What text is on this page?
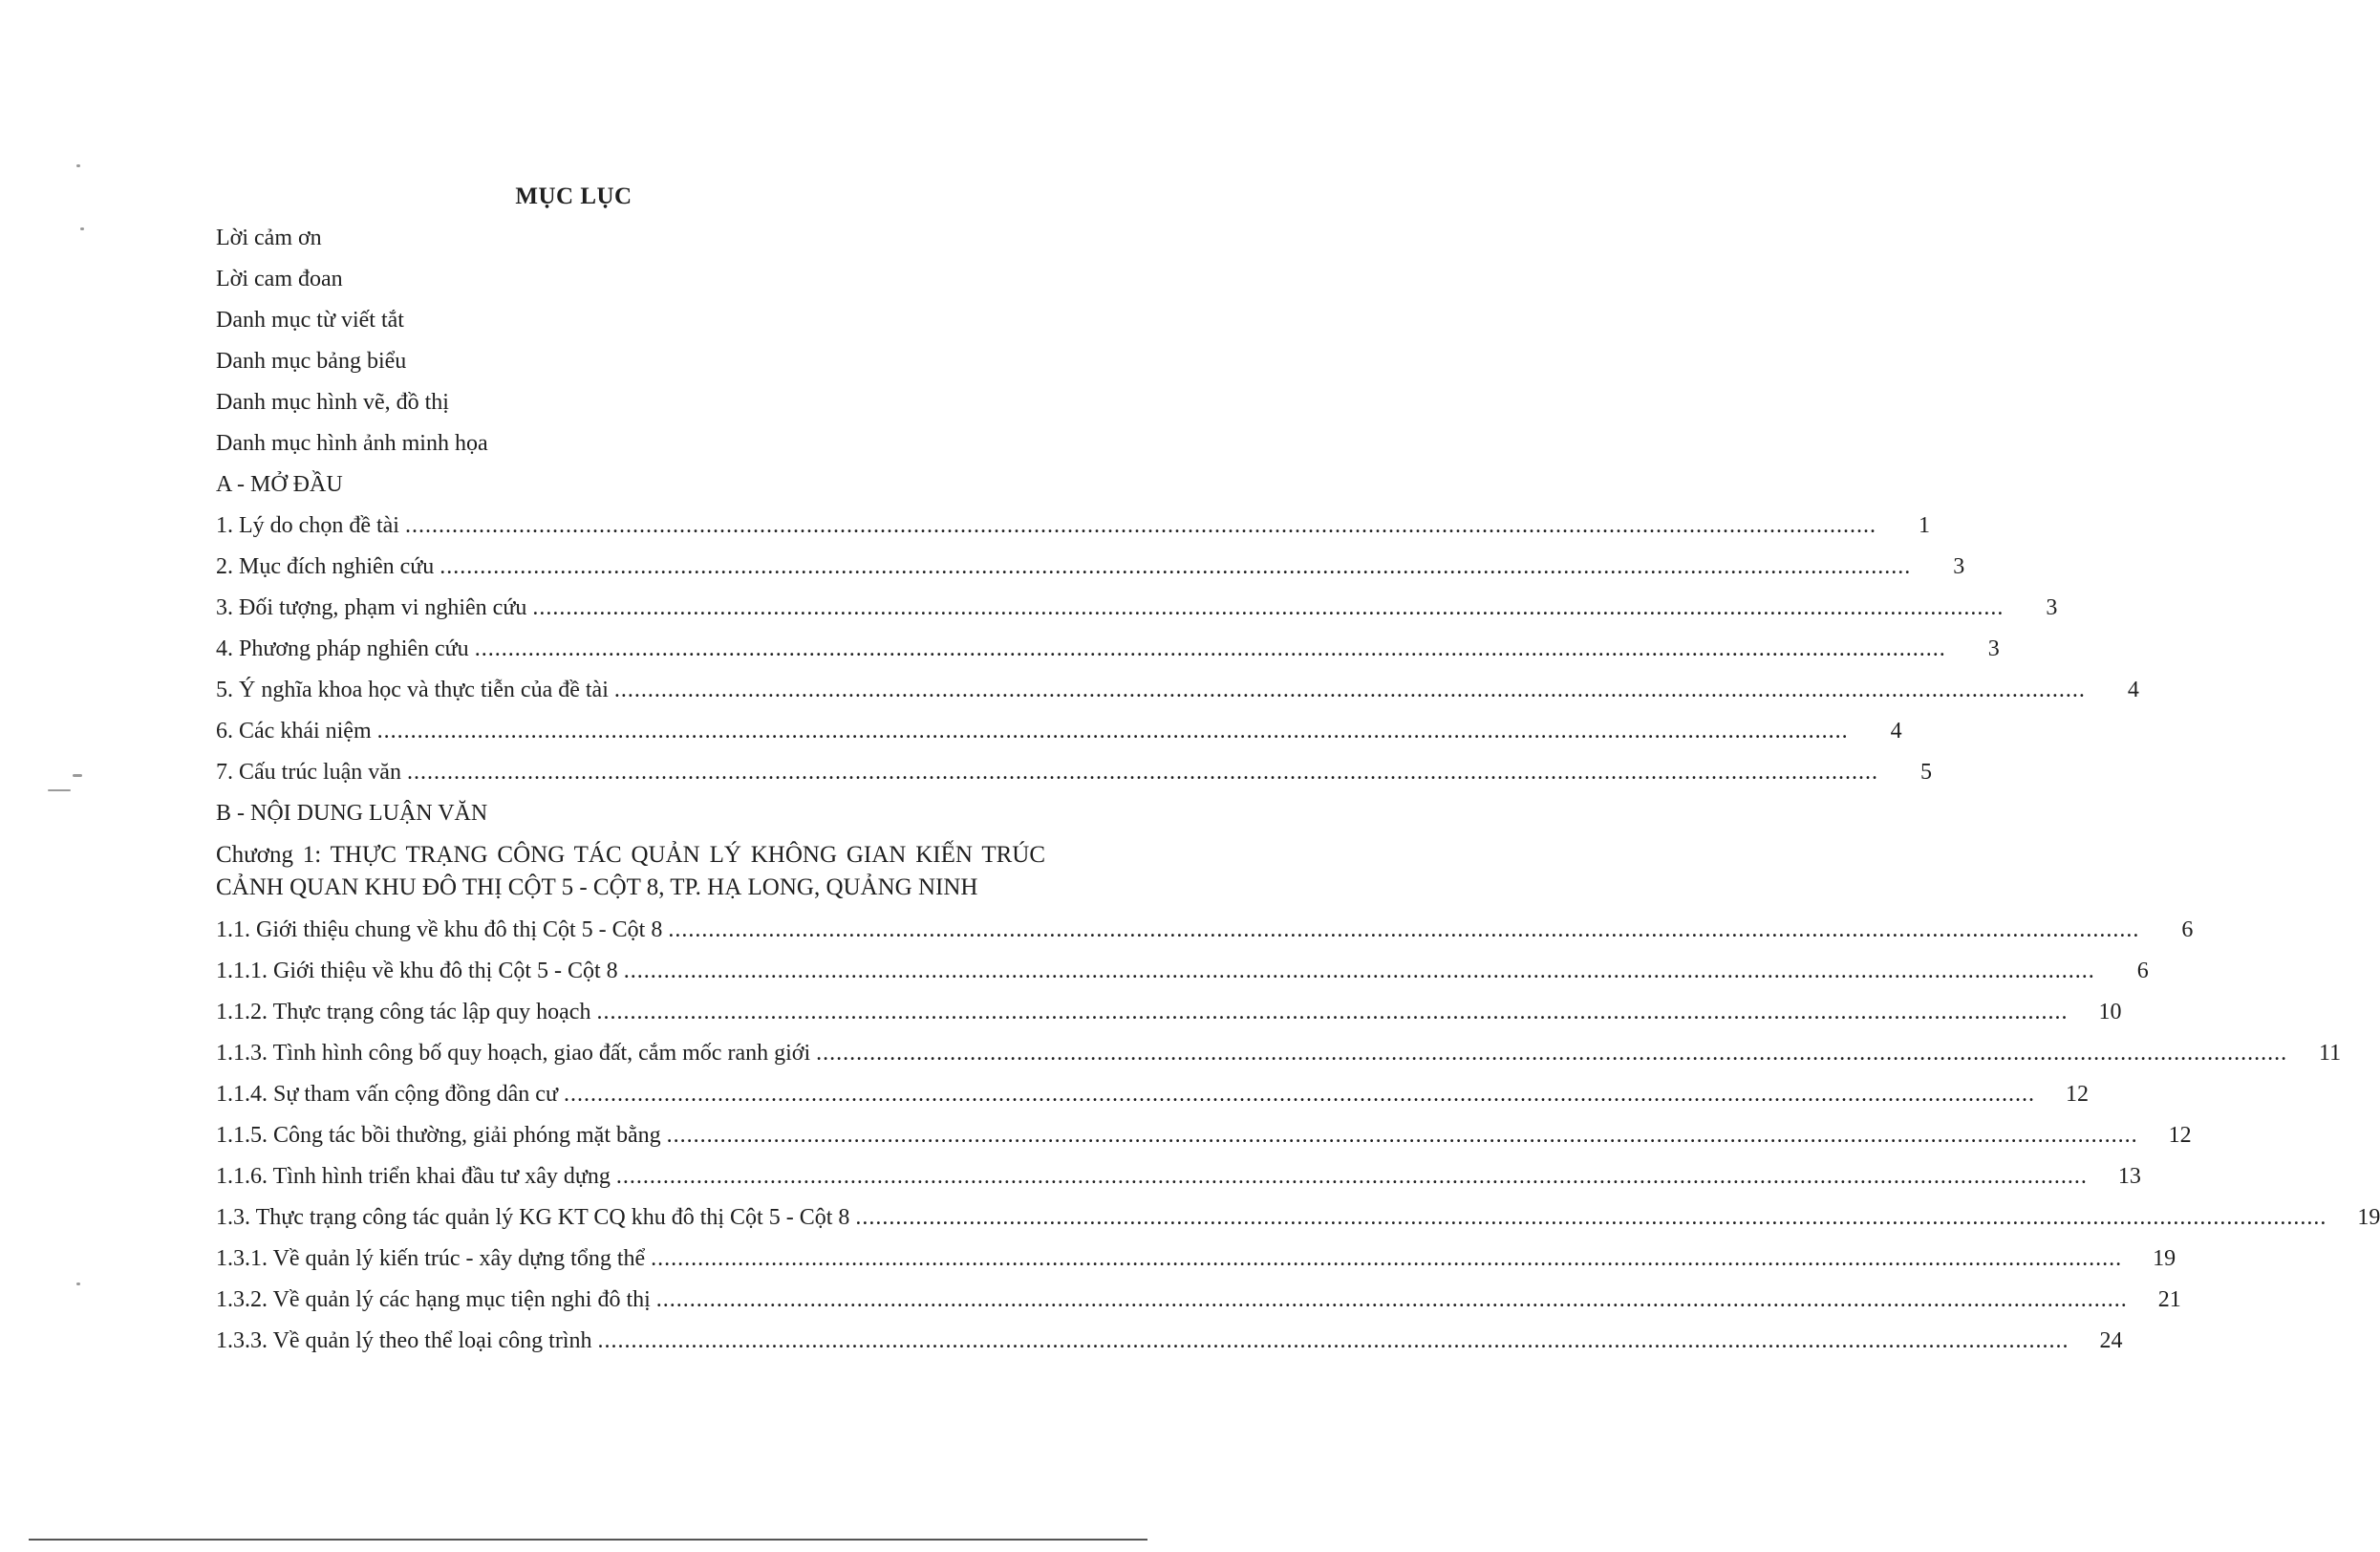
MỤC LỤC
Lời cảm ơn
Lời cam đoan
Danh mục từ viết tắt
Danh mục bảng biểu
Danh mục hình vẽ, đồ thị
Danh mục hình ảnh minh họa
A - MỞ ĐẦU
1. Lý do chọn đề tài ............................................................................................................................................................................................................................	1
2. Mục đích nghiên cứu ............................................................................................................................................................................................................................	3
3. Đối tượng, phạm vi nghiên cứu ............................................................................................................................................................................................................................	3
4. Phương pháp nghiên cứu ............................................................................................................................................................................................................................	3
5. Ý nghĩa khoa học và thực tiễn của đề tài ............................................................................................................................................................................................................................	4
6. Các khái niệm ............................................................................................................................................................................................................................	4
7. Cấu trúc luận văn ............................................................................................................................................................................................................................	5
B - NỘI DUNG LUẬN VĂN
Chương 1: THỰC TRẠNG CÔNG TÁC QUẢN LÝ KHÔNG GIAN KIẾN TRÚC CẢNH QUAN KHU ĐÔ THỊ CỘT 5 - CỘT 8, TP. HẠ LONG, QUẢNG NINH
1.1. Giới thiệu chung về khu đô thị Cột 5 - Cột 8 ............................................................................................................................................................................................................................	6
1.1.1. Giới thiệu về khu đô thị Cột 5 - Cột 8 ............................................................................................................................................................................................................................	6
1.1.2. Thực trạng công tác lập quy hoạch ............................................................................................................................................................................................................................	10
1.1.3. Tình hình công bố quy hoạch, giao đất, cắm mốc ranh giới ............................................................................................................................................................................................................................	11
1.1.4. Sự tham vấn cộng đồng dân cư ............................................................................................................................................................................................................................	12
1.1.5. Công tác bồi thường, giải phóng mặt bằng ............................................................................................................................................................................................................................	12
1.1.6. Tình hình triển khai đầu tư xây dựng ............................................................................................................................................................................................................................	13
1.3. Thực trạng công tác quản lý KG KT CQ khu đô thị Cột 5 - Cột 8 ............................................................................................................................................................................................................................	19
1.3.1. Về quản lý kiến trúc - xây dựng tổng thể ............................................................................................................................................................................................................................	19
1.3.2. Về quản lý các hạng mục tiện nghi đô thị ............................................................................................................................................................................................................................	21
1.3.3. Về quản lý theo thể loại công trình ............................................................................................................................................................................................................................	24
